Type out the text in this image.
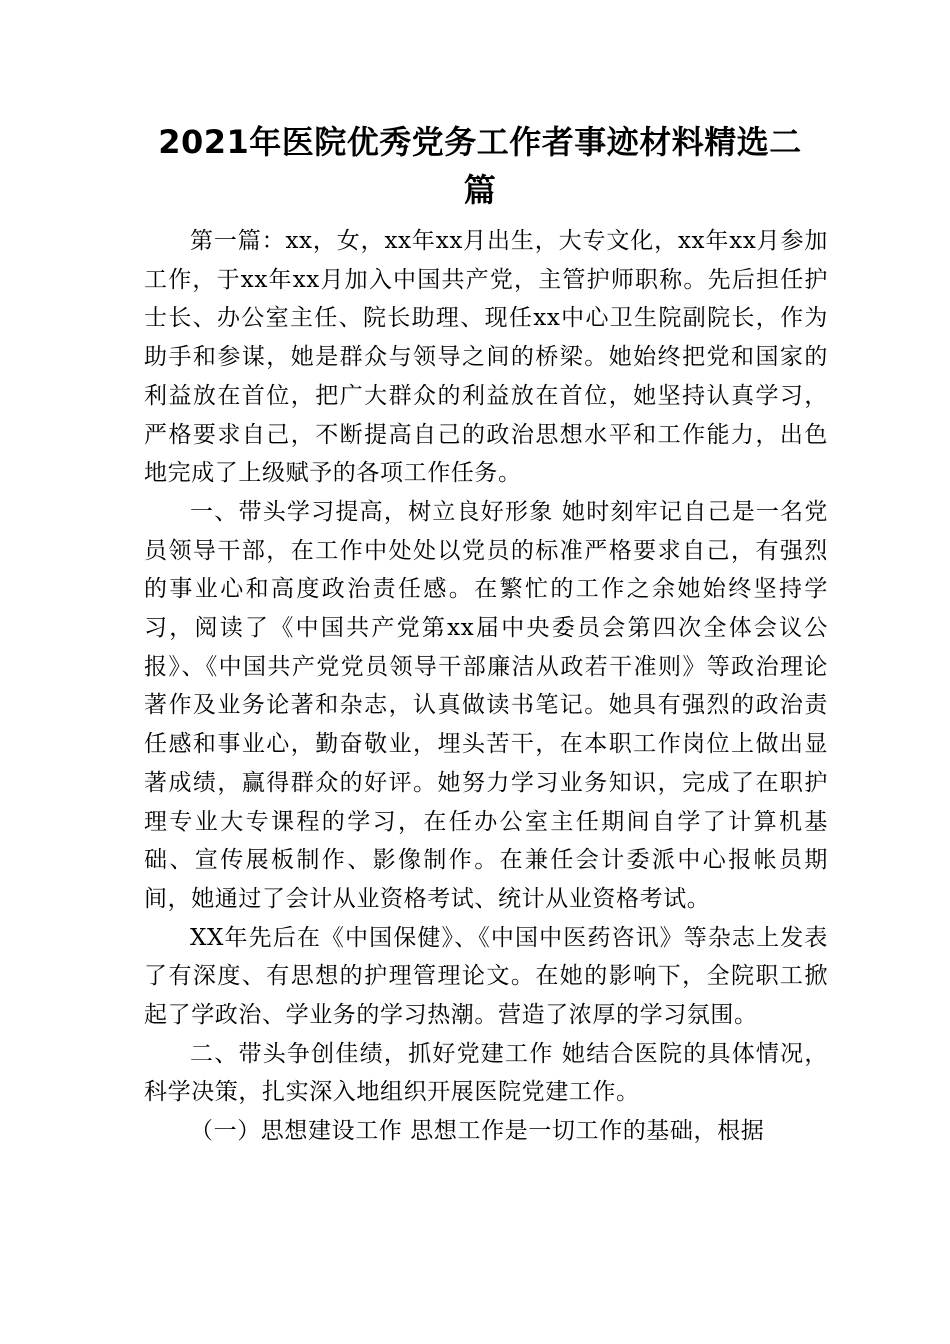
2021年医院优秀党务工作者事迹材料精选二篇

第一篇：xx，女，xx年xx月出生，大专文化，xx年xx月参加工作，于xx年xx月加入中国共产党，主管护师职称。先后担任护士长、办公室主任、院长助理、现任xx中心卫生院副院长，作为助手和参谋，她是群众与领导之间的桥梁。她始终把党和国家的利益放在首位，把广大群众的利益放在首位，她坚持认真学习，严格要求自己，不断提高自己的政治思想水平和工作能力，出色地完成了上级赋予的各项工作任务。

一、带头学习提高，树立良好形象 她时刻牢记自己是一名党员领导干部，在工作中处处以党员的标准严格要求自己，有强烈的事业心和高度政治责任感。在繁忙的工作之余她始终坚持学习，阅读了《中国共产党第xx届中央委员会第四次全体会议公报》、《中国共产党党员领导干部廉洁从政若干准则》等政治理论著作及业务论著和杂志，认真做读书笔记。她具有强烈的政治责任感和事业心，勤奋敬业，埋头苦干，在本职工作岗位上做出显著成绩，赢得群众的好评。她努力学习业务知识，完成了在职护理专业大专课程的学习，在任办公室主任期间自学了计算机基础、宣传展板制作、影像制作。在兼任会计委派中心报帐员期间，她通过了会计从业资格考试、统计从业资格考试。

XX年先后在《中国保健》、《中国中医药咨讯》等杂志上发表了有深度、有思想的护理管理论文。在她的影响下，全院职工掀起了学政治、学业务的学习热潮。营造了浓厚的学习氛围。

二、带头争创佳绩，抓好党建工作 她结合医院的具体情况，科学决策，扎实深入地组织开展医院党建工作。

（一）思想建设工作 思想工作是一切工作的基础，根据
